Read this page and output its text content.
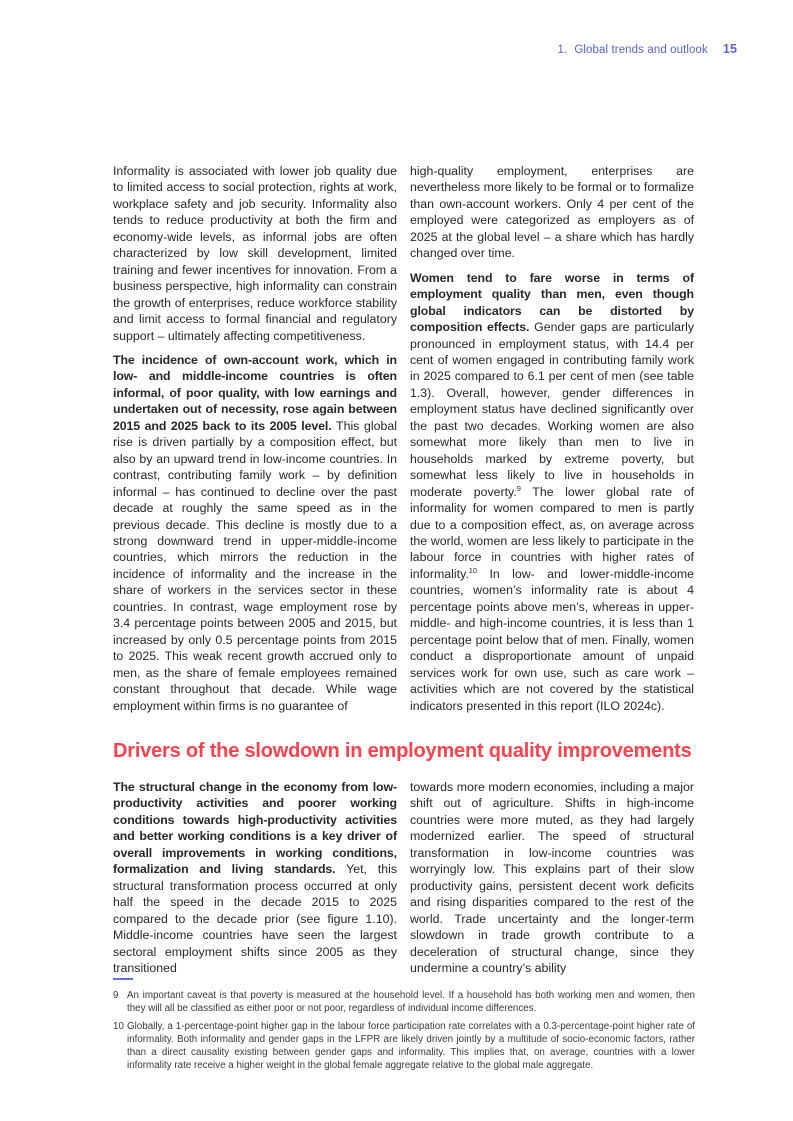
1. Global trends and outlook 15

Informality is associated with lower job quality due to limited access to social protection, rights at work, workplace safety and job security. Informality also tends to reduce productivity at both the firm and economy-wide levels, as informal jobs are often characterized by low skill development, limited training and fewer incentives for innovation. From a business perspective, high informality can constrain the growth of enterprises, reduce workforce stability and limit access to formal financial and regulatory support – ultimately affecting competitiveness.

The incidence of own-account work, which in low- and middle-income countries is often informal, of poor quality, with low earnings and undertaken out of necessity, rose again between 2015 and 2025 back to its 2005 level. This global rise is driven partially by a composition effect, but also by an upward trend in low-income countries. In contrast, contributing family work – by definition informal – has continued to decline over the past decade at roughly the same speed as in the previous decade. This decline is mostly due to a strong downward trend in upper-middle-income countries, which mirrors the reduction in the incidence of informality and the increase in the share of workers in the services sector in these countries. In contrast, wage employment rose by 3.4 percentage points between 2005 and 2015, but increased by only 0.5 percentage points from 2015 to 2025. This weak recent growth accrued only to men, as the share of female employees remained constant throughout that decade. While wage employment within firms is no guarantee of

high-quality employment, enterprises are nevertheless more likely to be formal or to formalize than own-account workers. Only 4 per cent of the employed were categorized as employers as of 2025 at the global level – a share which has hardly changed over time.

Women tend to fare worse in terms of employment quality than men, even though global indicators can be distorted by composition effects. Gender gaps are particularly pronounced in employment status, with 14.4 per cent of women engaged in contributing family work in 2025 compared to 6.1 per cent of men (see table 1.3). Overall, however, gender differences in employment status have declined significantly over the past two decades. Working women are also somewhat more likely than men to live in households marked by extreme poverty, but somewhat less likely to live in households in moderate poverty.$^9$ The lower global rate of informality for women compared to men is partly due to a composition effect, as, on average across the world, women are less likely to participate in the labour force in countries with higher rates of informality.$^{10}$ In low- and lower-middle-income countries, women’s informality rate is about 4 percentage points above men’s, whereas in upper-middle- and high-income countries, it is less than 1 percentage point below that of men. Finally, women conduct a disproportionate amount of unpaid services work for own use, such as care work – activities which are not covered by the statistical indicators presented in this report (ILO 2024c).

Drivers of the slowdown in employment quality improvements

The structural change in the economy from low-productivity activities and poorer working conditions towards high-productivity activities and better working conditions is a key driver of overall improvements in working conditions, formalization and living standards. Yet, this structural transformation process occurred at only half the speed in the decade 2015 to 2025 compared to the decade prior (see figure 1.10). Middle-income countries have seen the largest sectoral employment shifts since 2005 as they transitioned

towards more modern economies, including a major shift out of agriculture. Shifts in high-income countries were more muted, as they had largely modernized earlier. The speed of structural transformation in low-income countries was worryingly low. This explains part of their slow productivity gains, persistent decent work deficits and rising disparities compared to the rest of the world. Trade uncertainty and the longer-term slowdown in trade growth contribute to a deceleration of structural change, since they undermine a country’s ability

9 An important caveat is that poverty is measured at the household level. If a household has both working men and women, then they will all be classified as either poor or not poor, regardless of individual income differences.
10 Globally, a 1-percentage-point higher gap in the labour force participation rate correlates with a 0.3-percentage-point higher rate of informality. Both informality and gender gaps in the LFPR are likely driven jointly by a multitude of socio-economic factors, rather than a direct causality existing between gender gaps and informality. This implies that, on average, countries with a lower informality rate receive a higher weight in the global female aggregate relative to the global male aggregate.
